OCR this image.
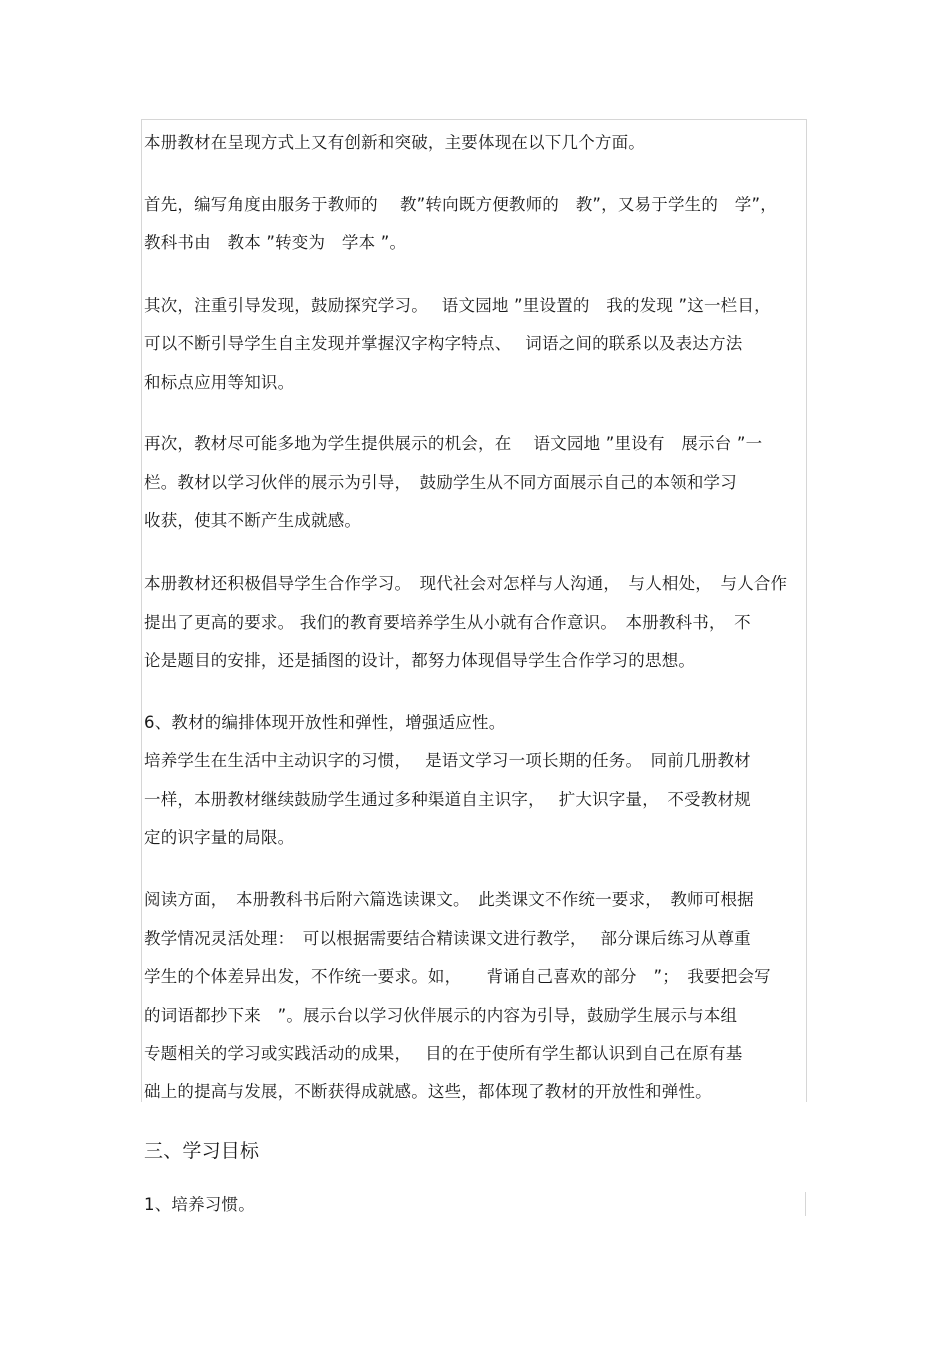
本册教材在呈现方式上又有创新和突破，主要体现在以下几个方面。
首先，编写角度由服务于教师的　 教”转向既方便教师的　教”，又易于学生的　学”，
教科书由　教本 ”转变为　学本 ”。
其次，注重引导发现，鼓励探究学习。　 语文园地 ”里设置的　我的发现 ”这一栏目，
可以不断引导学生自主发现并掌握汉字构字特点、　 词语之间的联系以及表达方法
和标点应用等知识。
再次，教材尽可能多地为学生提供展示的机会，在　 语文园地 ”里设有　展示台 ”一
栏。教材以学习伙伴的展示为引导，　鼓励学生从不同方面展示自己的本领和学习
收获，使其不断产生成就感。
本册教材还积极倡导学生合作学习。　现代社会对怎样与人沟通，　与人相处，　与人合作
提出了更高的要求。 我们的教育要培养学生从小就有合作意识。　本册教科书，　不
论是题目的安排，还是插图的设计，都努力体现倡导学生合作学习的思想。
6、教材的编排体现开放性和弹性，增强适应性。
培养学生在生活中主动识字的习惯，　 是语文学习一项长期的任务。　同前几册教材
一样，本册教材继续鼓励学生通过多种渠道自主识字，　 扩大识字量，　不受教材规
定的识字量的局限。
阅读方面，　本册教科书后附六篇选读课文。　此类课文不作统一要求，　教师可根据
教学情况灵活处理：　可以根据需要结合精读课文进行教学，　 部分课后练习从尊重
学生的个体差异出发，不作统一要求。如，　　背诵自己喜欢的部分　”；　我要把会写
的词语都抄下来　”。展示台以学习伙伴展示的内容为引导，鼓励学生展示与本组
专题相关的学习或实践活动的成果，　 目的在于使所有学生都认识到自己在原有基
础上的提高与发展，不断获得成就感。这些，都体现了教材的开放性和弹性。
三、学习目标
1、培养习惯。
